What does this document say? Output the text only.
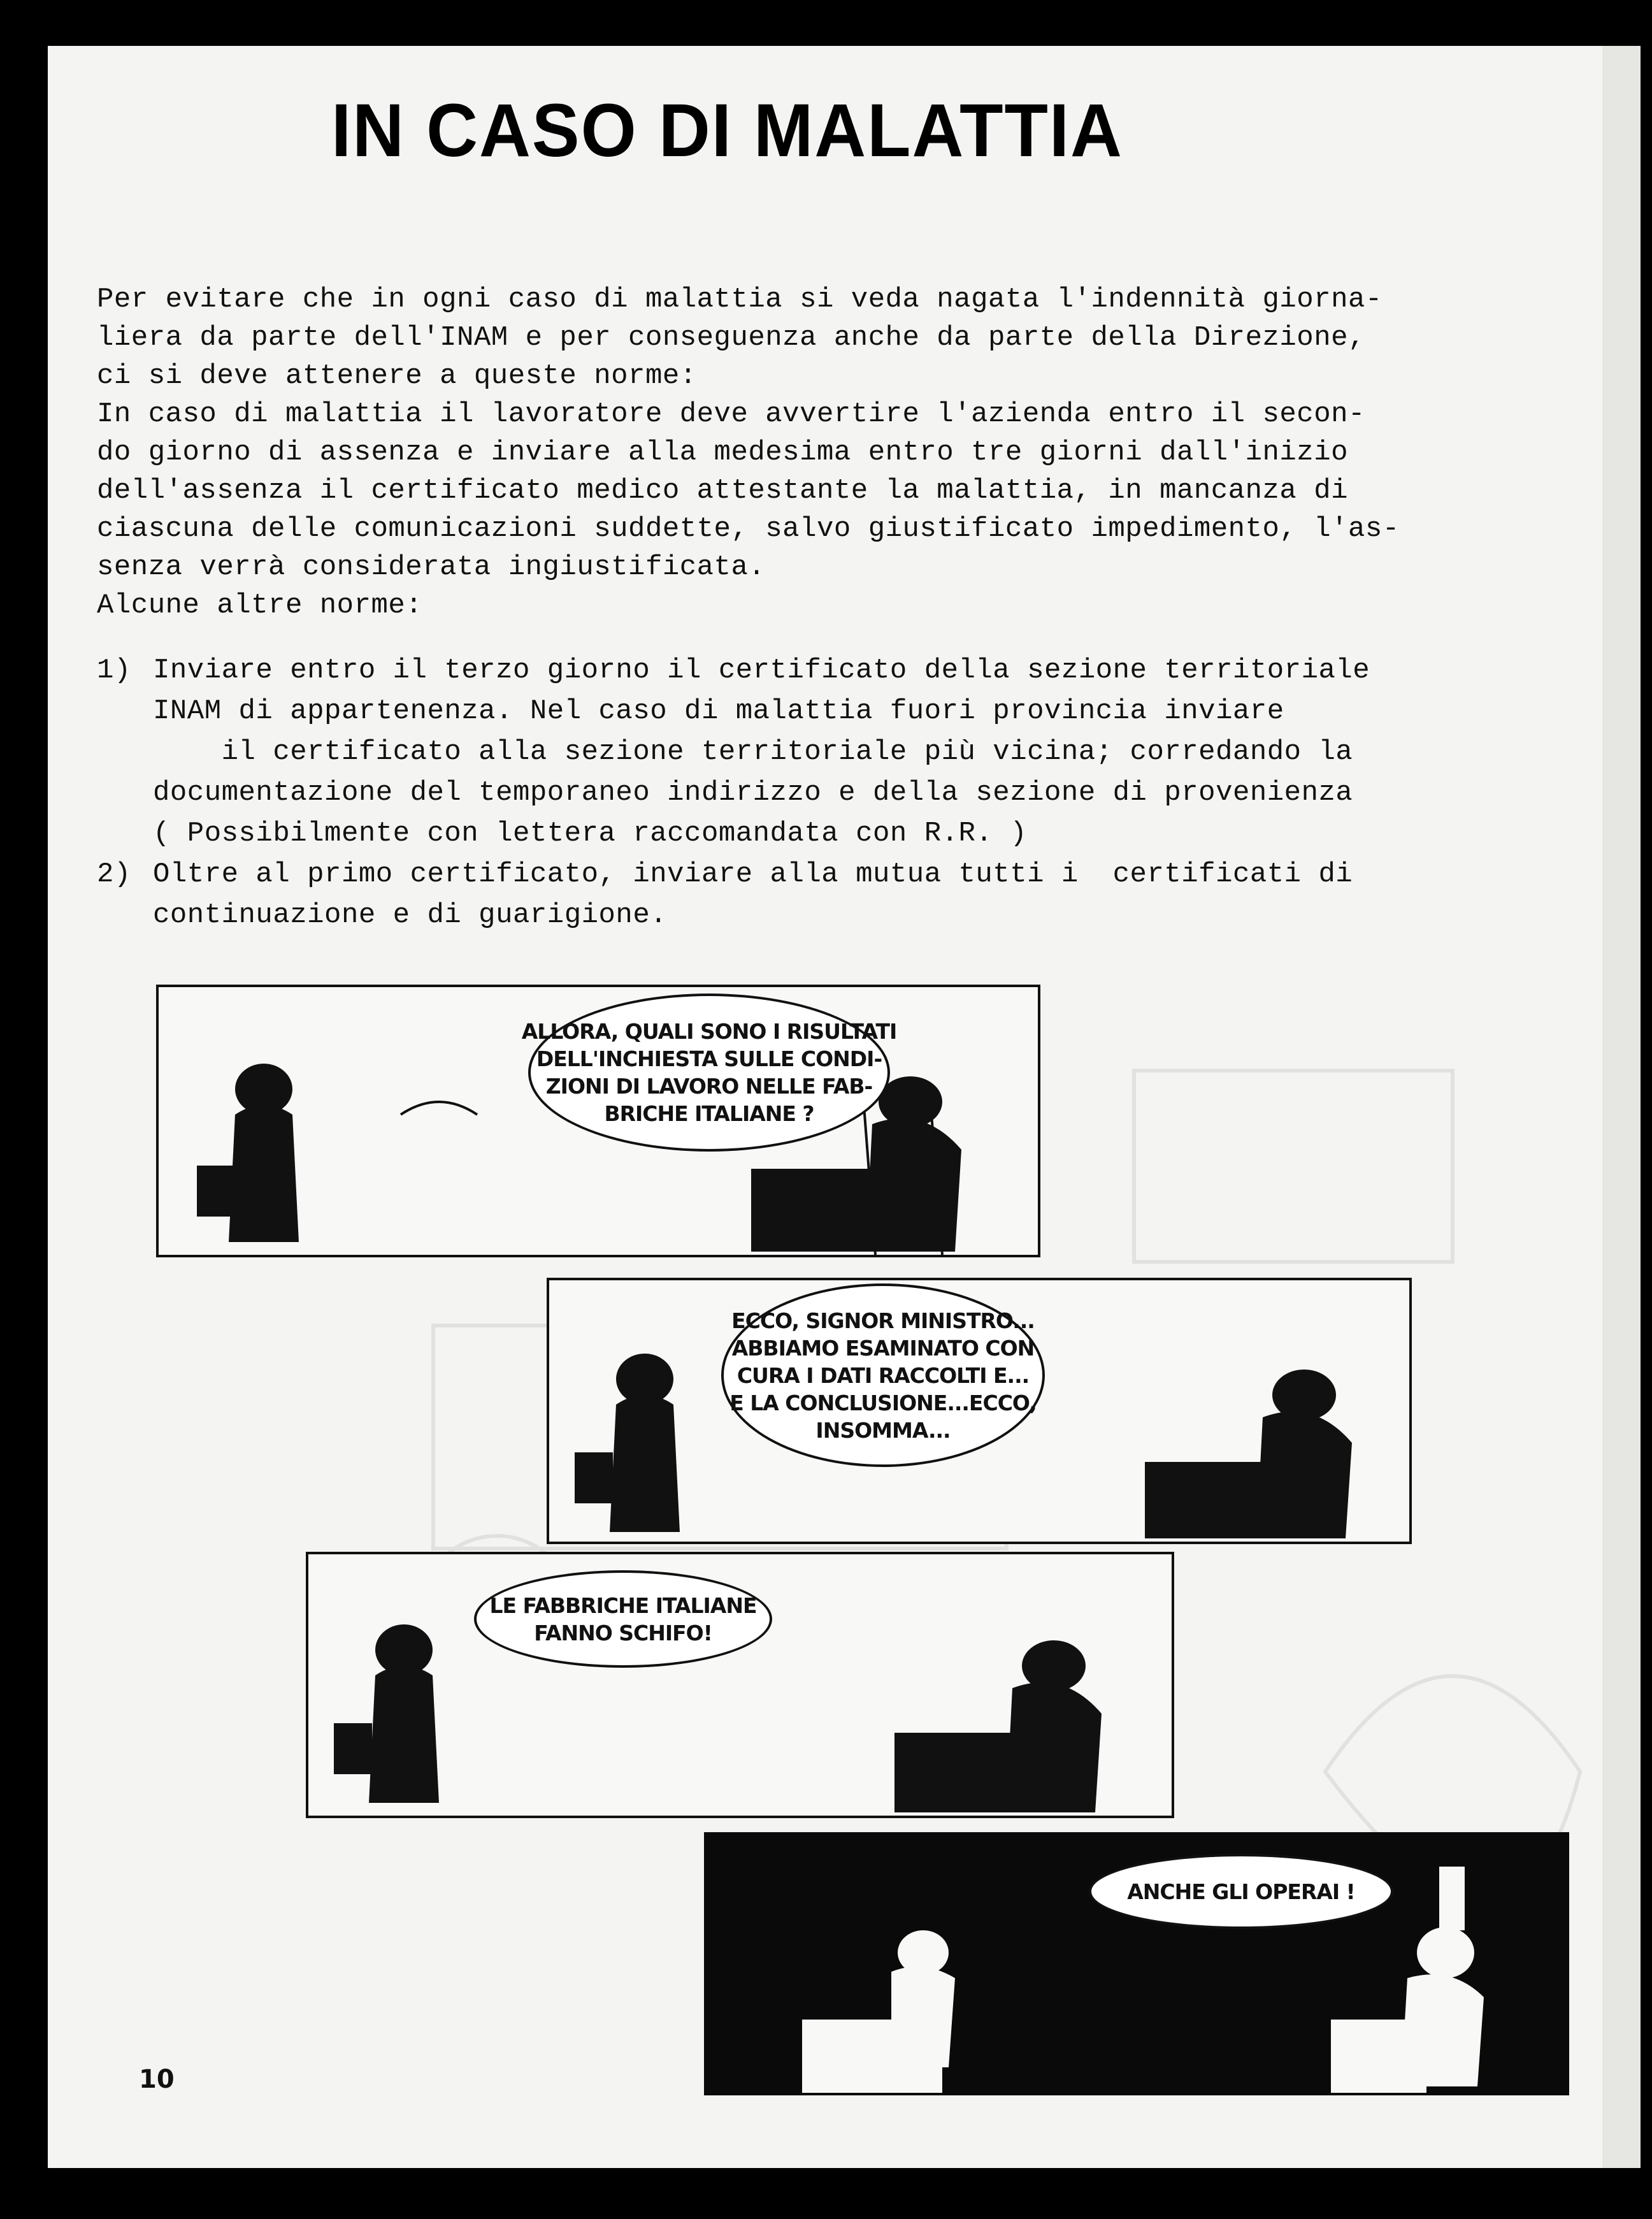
IN CASO DI MALATTIA
Per evitare che in ogni caso di malattia si veda nagata l'indennità giorna-
liera da parte dell'INAM e per conseguenza anche da parte della Direzione,
ci si deve attenere a queste norme:
In caso di malattia il lavoratore deve avvertire l'azienda entro il secon-
do giorno di assenza e inviare alla medesima entro tre giorni dall'inizio
dell'assenza il certificato medico attestante la malattia, in mancanza di
ciascuna delle comunicazioni suddette, salvo giustificato impedimento, l'as-
senza verrà considerata ingiustificata.
Alcune altre norme:

1)

Inviare entro il terzo giorno il certificato della sezione territoriale
INAM di appartenenza. Nel caso di malattia fuori provincia inviare
il certificato alla sezione territoriale più vicina; corredando la
documentazione del temporaneo indirizzo e della sezione di provenienza
( Possibilmente con lettera raccomandata con R.R. )

2)

Oltre al primo certificato, inviare alla mutua tutti i  certificati di
continuazione e di guarigione.

ALLORA, QUALI SONO I RISULTATI
DELL'INCHIESTA SULLE CONDI-
ZIONI DI LAVORO NELLE FAB-
BRICHE ITALIANE ?
ECCO, SIGNOR MINISTRO...
ABBIAMO ESAMINATO CON
CURA I DATI RACCOLTI E...
E LA CONCLUSIONE...ECCO,
INSOMMA...
LE FABBRICHE ITALIANE
FANNO SCHIFO!
ANCHE GLI OPERAI !
10
